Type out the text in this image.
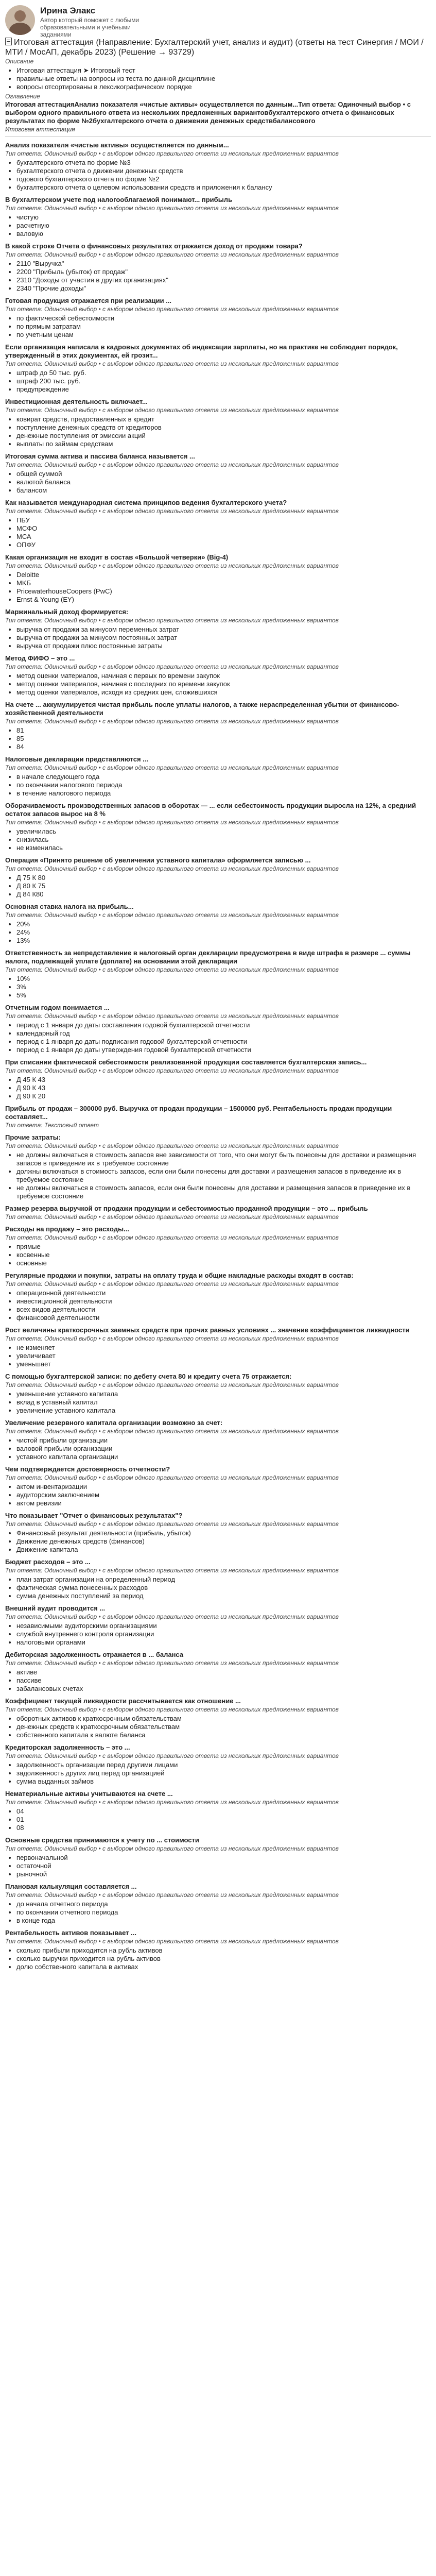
Ирина Элакс
Автор который поможет с любыми образовательными и учебными заданиями
Итоговая аттестация (Направление: Бухгалтерский учет, анализ и аудит) (ответы на тест Синергия / МОИ / МТИ / МосАП, декабрь 2023) (Решение → 93729)
Описание
• Итоговая аттестация ➤ Итоговый тест
• правильные ответы на вопросы из теста по данной дисциплине
• вопросы отсортированы в лексикографическом порядке
Оглавление
Итоговая аттестацияАнализ показателя «чистые активы» осуществляется по данным...Тип ответа: Одиночный выбор • с выбором одного правильного ответа из нескольких предложенных вариантовбухгалтерского отчета о финансовых результатах по форме №2бухгалтерского отчета о движении денежных средствбалансового
Итоговая аттестация
Анализ показателя «чистые активы» осуществляется по данным...
Тип ответа: Одиночный выбор • с выбором одного правильного ответа из нескольких предложенных вариантов
• бухгалтерского отчета по форме №3
• бухгалтерского отчета о движении денежных средств
• годового бухгалтерского отчета по форме №2
• бухгалтерского отчета о целевом использовании средств и приложения к балансу
В бухгалтерском учете под налогооблагаемой понимают... прибыль
Тип ответа: Одиночный выбор • с выбором одного правильного ответа из нескольких предложенных вариантов
• чистую
• расчетную
• валовую
В какой строке Отчета о финансовых результатах отражается доход от продажи товара?
Тип ответа: Одиночный выбор • с выбором одного правильного ответа из нескольких предложенных вариантов
• 2110 "Выручка"
• 2200 "Прибыль (убыток) от продаж"
• 2310 "Доходы от участия в других организациях"
• 2340 "Прочие доходы"
Готовая продукция отражается при реализации ...
Тип ответа: Одиночный выбор • с выбором одного правильного ответа из нескольких предложенных вариантов
• по фактической себестоимости
• по прямым затратам
• по учетным ценам
Если организация написала в кадровых документах об индексации зарплаты, но на практике не соблюдает порядок, утвержденный в этих документах, ей грозит...
Тип ответа: Одиночный выбор • с выбором одного правильного ответа из нескольких предложенных вариантов
• штраф до 50 тыс. руб.
• штраф 200 тыс. руб.
• предупреждение
Инвестиционная деятельность включает...
Тип ответа: Одиночный выбор • с выбором одного правильного ответа из нескольких предложенных вариантов
• ковират средств, предоставленных в кредит
• поступление денежных средств от кредиторов
• денежные поступления от эмиссии акций
• выплаты по займам средствам
Итоговая сумма актива и пассива баланса называется ...
Тип ответа: Одиночный выбор • с выбором одного правильного ответа из нескольких предложенных вариантов
• общей суммой
• валютой баланса
• балансом
Как называется международная система принципов ведения бухгалтерского учета?
Тип ответа: Одиночный выбор • с выбором одного правильного ответа из нескольких предложенных вариантов
• ПБУ
• МСФО
• МСА
• ОПФУ
Какая организация не входит в состав «Большой четверки» (Big-4)
Тип ответа: Одиночный выбор • с выбором одного правильного ответа из нескольких предложенных вариантов
• Deloitte
• MKБ
• PricewaterhouseCoopers (PwC)
• Ernst & Young (EY)
Маржинальный доход формируется:
Тип ответа: Одиночный выбор • с выбором одного правильного ответа из нескольких предложенных вариантов
• выручка от продажи за минусом переменных затрат
• выручка от продажи за минусом постоянных затрат
• выручка от продажи плюс постоянные затраты
Метод ФИФО – это ...
Тип ответа: Одиночный выбор • с выбором одного правильного ответа из нескольких предложенных вариантов
• метод оценки материалов, начиная с первых по времени закупок
• метод оценки материалов, начиная с последних по времени закупок
• метод оценки материалов, исходя из средних цен, сложившихся
На счете ... аккумулируется чистая прибыль после уплаты налогов, а также нераспределенная убытки от финансово-хозяйственной деятельности
Тип ответа: Одиночный выбор • с выбором одного правильного ответа из нескольких предложенных вариантов
• 81
• 85
• 84
Налоговые декларации представляются ...
Тип ответа: Одиночный выбор • с выбором одного правильного ответа из нескольких предложенных вариантов
• в начале следующего года
• по окончании налогового периода
• в течение налогового периода
Оборачиваемость производственных запасов в оборотах — ... если себестоимость продукции выросла на 12%, а средний остаток запасов вырос на 8 %
Тип ответа: Одиночный выбор • с выбором одного правильного ответа из нескольких предложенных вариантов
• увеличилась
• снизилась
• не изменилась
Операция «Принято решение об увеличении уставного капитала» оформляется записью ...
Тип ответа: Одиночный выбор • с выбором одного правильного ответа из нескольких предложенных вариантов
• Д 75 К 80
• Д 80 К 75
• Д 84 К80
Основная ставка налога на прибыль...
Тип ответа: Одиночный выбор • с выбором одного правильного ответа из нескольких предложенных вариантов
• 20%
• 24%
• 13%
Ответственность за непредставление в налоговый орган декларации предусмотрена в виде штрафа в размере ... суммы налога, подлежащей уплате (доплате) на основании этой декларации
Тип ответа: Одиночный выбор • с выбором одного правильного ответа из нескольких предложенных вариантов
• 10%
• 3%
• 5%
Отчетным годом понимается ...
Тип ответа: Одиночный выбор • с выбором одного правильного ответа из нескольких предложенных вариантов
• период с 1 января до даты составления годовой бухгалтерской отчетности
• календарный год
• период с 1 января до даты подписания годовой бухгалтерской отчетности
• период с 1 января до даты утверждения годовой бухгалтерской отчетности
При списании фактической себестоимости реализованной продукции составляется бухгалтерская запись...
Тип ответа: Одиночный выбор • с выбором одного правильного ответа из нескольких предложенных вариантов
• Д 45 К 43
• Д 90 К 43
• Д 90 К 20
Прибыль от продаж – 300000 руб. Выручка от продаж продукции – 1500000 руб. Рентабельность продаж продукции составляет...
Тип ответа: Текстовый ответ
Прочие затраты:
Тип ответа: Одиночный выбор • с выбором одного правильного ответа из нескольких предложенных вариантов
• не должны включаться в стоимость запасов вне зависимости от того, что они могут быть понесены для доставки и размещения запасов в приведение их в требуемое состояние
• должны включаться в стоимость запасов, если они были понесены для доставки и размещения запасов в приведение их в требуемое состояние
• не должны включаться в стоимость запасов, если они были понесены для доставки и размещения запасов в приведение их в требуемое состояние
Размер резерва выручкой от продажи продукции и себестоимостью проданной продукции – это ... прибыль
Тип ответа: Одиночный выбор • с выбором одного правильного ответа из нескольких предложенных вариантов
Расходы на продажу – это расходы...
Тип ответа: Одиночный выбор • с выбором одного правильного ответа из нескольких предложенных вариантов
• прямые
• косвенные
• основные
Регулярные продажи и покупки, затраты на оплату труда и общие накладные расходы входят в состав:
Тип ответа: Одиночный выбор • с выбором одного правильного ответа из нескольких предложенных вариантов
• операционной деятельности
• инвестиционной деятельности
• всех видов деятельности
• финансовой деятельности
Рост величины краткосрочных заемных средств при прочих равных условиях ... значение коэффициентов ликвидности
Тип ответа: Одиночный выбор • с выбором одного правильного ответа из нескольких предложенных вариантов
• не изменяет
• увеличивает
• уменьшает
С помощью бухгалтерской записи: по дебету счета 80 и кредиту счета 75 отражается:
Тип ответа: Одиночный выбор • с выбором одного правильного ответа из нескольких предложенных вариантов
• уменьшение уставного капитала
• вклад в уставный капитал
• увеличение уставного капитала
Увеличение резервного капитала организации возможно за счет:
Тип ответа: Одиночный выбор • с выбором одного правильного ответа из нескольких предложенных вариантов
• чистой прибыли организации
• валовой прибыли организации
• уставного капитала организации
Чем подтверждается достоверность отчетности?
Тип ответа: Одиночный выбор • с выбором одного правильного ответа из нескольких предложенных вариантов
• актом инвентаризации
• аудиторским заключением
• актом ревизии
Что показывает "Отчет о финансовых результатах"?
Тип ответа: Одиночный выбор • с выбором одного правильного ответа из нескольких предложенных вариантов
• Финансовый результат деятельности (прибыль, убыток)
• Движение денежных средств (финансов)
• Движение капитала
Бюджет расходов – это ...
Тип ответа: Одиночный выбор • с выбором одного правильного ответа из нескольких предложенных вариантов
• план затрат организации на определенный период
• фактическая сумма понесенных расходов
• сумма денежных поступлений за период
Внешний аудит проводится ...
Тип ответа: Одиночный выбор • с выбором одного правильного ответа из нескольких предложенных вариантов
• независимыми аудиторскими организациями
• службой внутреннего контроля организации
• налоговыми органами
Дебиторская задолженность отражается в ... баланса
Тип ответа: Одиночный выбор • с выбором одного правильного ответа из нескольких предложенных вариантов
• активе
• пассиве
• забалансовых счетах
Коэффициент текущей ликвидности рассчитывается как отношение ...
Тип ответа: Одиночный выбор • с выбором одного правильного ответа из нескольких предложенных вариантов
• оборотных активов к краткосрочным обязательствам
• денежных средств к краткосрочным обязательствам
• собственного капитала к валюте баланса
Кредиторская задолженность – это ...
Тип ответа: Одиночный выбор • с выбором одного правильного ответа из нескольких предложенных вариантов
• задолженность организации перед другими лицами
• задолженность других лиц перед организацией
• сумма выданных займов
Нематериальные активы учитываются на счете ...
Тип ответа: Одиночный выбор • с выбором одного правильного ответа из нескольких предложенных вариантов
• 04
• 01
• 08
Основные средства принимаются к учету по ... стоимости
Тип ответа: Одиночный выбор • с выбором одного правильного ответа из нескольких предложенных вариантов
• первоначальной
• остаточной
• рыночной
Плановая калькуляция составляется ...
Тип ответа: Одиночный выбор • с выбором одного правильного ответа из нескольких предложенных вариантов
• до начала отчетного периода
• по окончании отчетного периода
• в конце года
Рентабельность активов показывает ...
Тип ответа: Одиночный выбор • с выбором одного правильного ответа из нескольких предложенных вариантов
• сколько прибыли приходится на рубль активов
• сколько выручки приходится на рубль активов
• долю собственного капитала в активах
